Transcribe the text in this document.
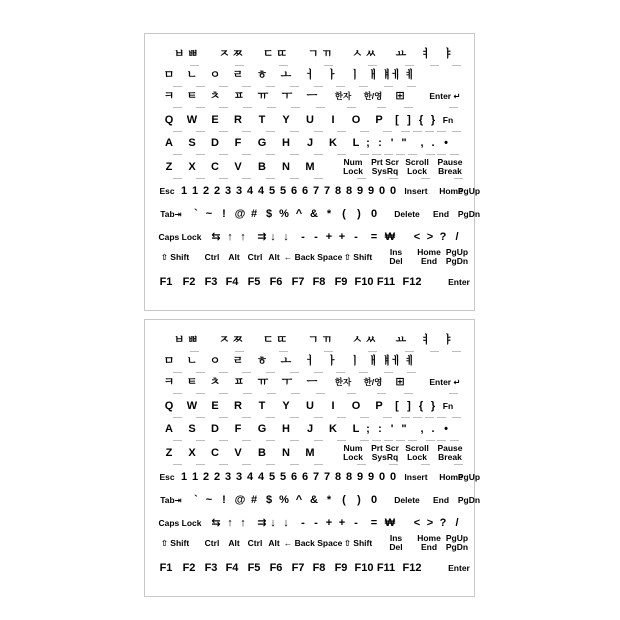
ㅂ ㅃ	ㅈ ㅉ	ㄷ ㄸ	ㄱ ㄲ	ㅅ ㅆ	ㅛ	ㅕ	ㅑ
ㅁ	ㄴ	ㅇ	ㄹ	ㅎ	ㅗ	ㅓ	ㅏ	ㅣ ㅐ ㅒ
ㅔ ㅖ
ㅋ	ㅌ	ㅊ	ㅍ	ㅠ	ㅜ	ㅡ	한자	한/영	⊞	Enter ↵
Q	W	E	R	T	Y	U	I	O	P	[ ] { } Fn
A	S	D	F	G	H	J	K	L ; : ' "	, . •
Z	X	C	V	B	N	M	Num
Lock
Prt Scr
SysRq
Scroll
Lock
Pause
Break
Esc 1 1 2 2 3 3 4 4 5 5 6 6 7 7 8 8 9 9 0 0 Insert	Home
PgUp
Tab⇥	` ~ ! @ # $ % ^ & *	(	) 0	Delete	End	PgDn
Caps Lock ⇆ ↑ ↑	⇉ ↓ ↓	- - + + -	= ₩	< > ? /
⇧ Shift	Ctrl	Alt Ctrl Alt ← Back Space ⇧ Shift	Ins
Del
Home
End
PgUp
PgDn
F1 F2 F3 F4 F5 F6 F7 F8 F9 F10 F11 F12	Enter
ㅂ ㅃ	ㅈ ㅉ	ㄷ ㄸ	ㄱ ㄲ	ㅅ ㅆ	ㅛ	ㅕ	ㅑ
ㅁ	ㄴ	ㅇ	ㄹ	ㅎ	ㅗ	ㅓ	ㅏ	ㅣ ㅐ ㅒ
ㅔ ㅖ
ㅋ	ㅌ	ㅊ	ㅍ	ㅠ	ㅜ	ㅡ	한자	한/영	⊞	Enter ↵
Q	W	E	R	T	Y	U	I	O	P	[ ] { } Fn
A	S	D	F	G	H	J	K	L ; : ' "	, . •
Z	X	C	V	B	N	M	Num
Lock
Prt Scr
SysRq
Scroll
Lock
Pause
Break
Esc 1 1 2 2 3 3 4 4 5 5 6 6 7 7 8 8 9 9 0 0 Insert	Home
PgUp
Tab⇥	` ~ ! @ # $ % ^ & *	(	) 0	Delete	End	PgDn
Caps Lock ⇆ ↑ ↑	⇉ ↓ ↓	- - + + -	= ₩	< > ? /
⇧ Shift	Ctrl	Alt Ctrl Alt ← Back Space ⇧ Shift	Ins
Del
Home
End
PgUp
PgDn
F1 F2 F3 F4 F5 F6 F7 F8 F9 F10 F11 F12	Enter
